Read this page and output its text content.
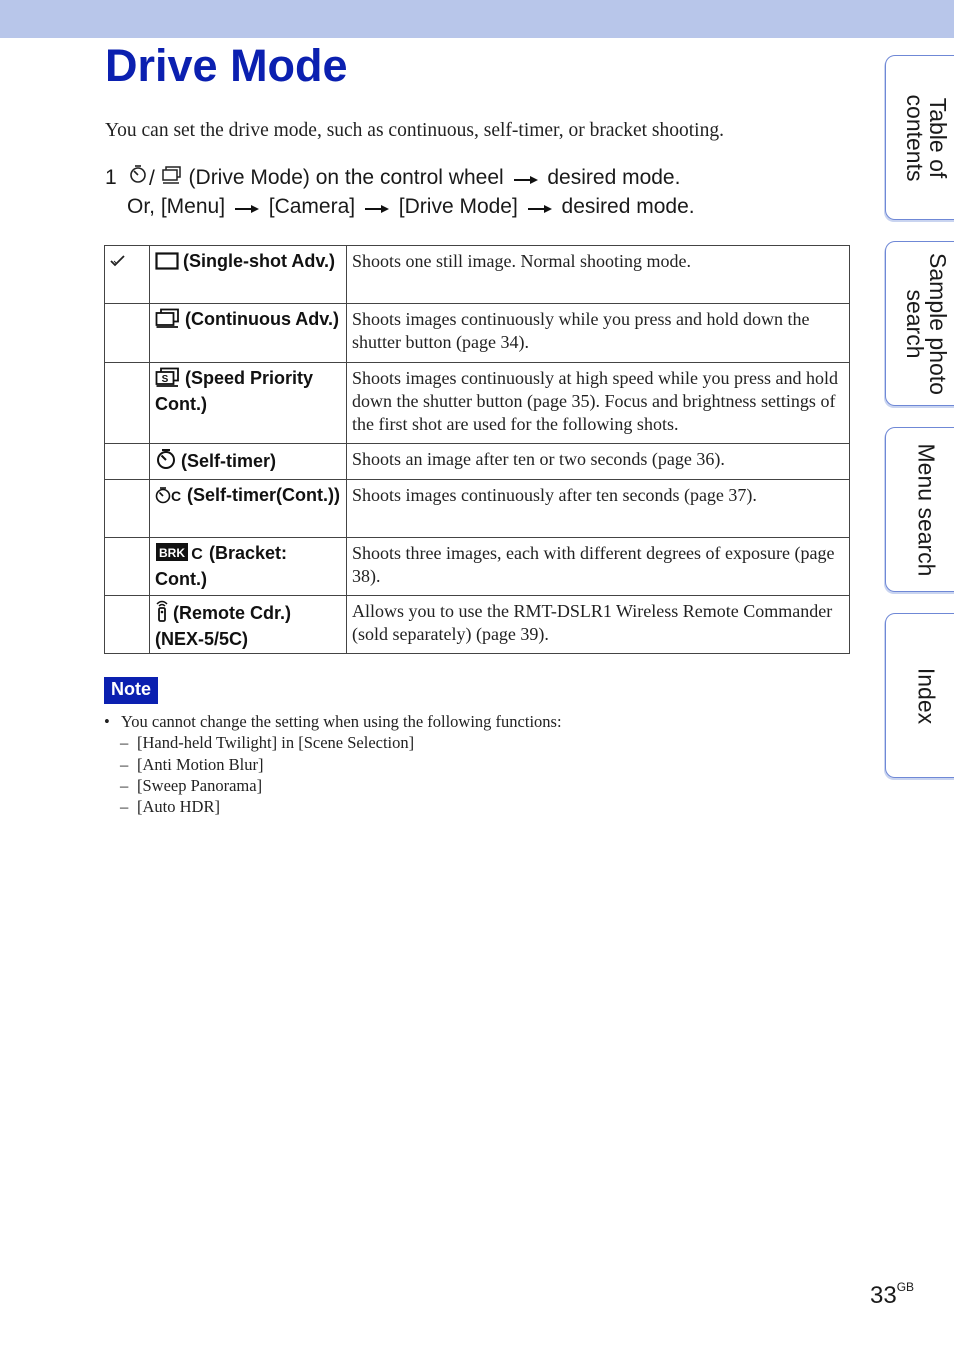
Drive Mode
You can set the drive mode, such as continuous, self-timer, or bracket shooting.
1	/ (Drive Mode) on the control wheel desired mode.
Or, [Menu] [Camera] [Drive Mode] desired mode.
	(Single-shot Adv.)	Shoots one still image. Normal shooting mode.
	(Continuous Adv.)	Shoots images continuously while you press and hold down the shutter button (page 34).

S (Speed Priority Cont.)	Shoots images continuously at high speed while you press and hold down the shutter button (page 35). Focus and brightness settings of the first shot are used for the following shots.
	(Self-timer)	Shoots an image after ten or two seconds (page 36).

C (Self-timer(Cont.))	Shoots images continuously after ten seconds (page 37).

BRK C (Bracket: Cont.)	Shoots three images, each with different degrees of exposure (page 38).
	(Remote Cdr.) (NEX-5/5C)	Allows you to use the RMT-DSLR1 Wireless Remote Commander (sold separately) (page 39).
Note
• You cannot change the setting when using the following functions:
– [Hand-held Twilight] in [Scene Selection]
– [Anti Motion Blur]
– [Sweep Panorama]
– [Auto HDR]
Table of
contents
Sample photo
search
Menu search
Index
$33^{GB}$
